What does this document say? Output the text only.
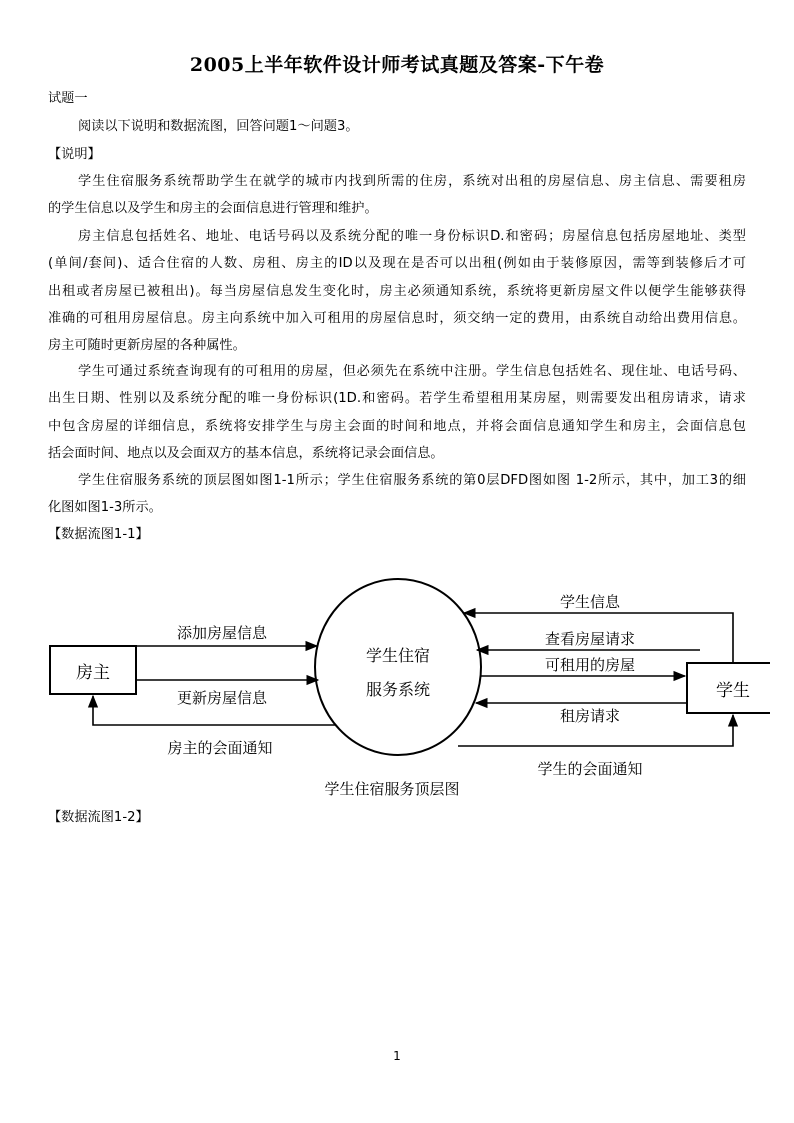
2005上半年软件设计师考试真题及答案-下午卷
试题一
阅读以下说明和数据流图，回答问题1～问题3。
【说明】
学生住宿服务系统帮助学生在就学的城市内找到所需的住房，系统对出租的房屋信息、房主信息、需要租房
的学生信息以及学生和房主的会面信息进行管理和维护。
房主信息包括姓名、地址、电话号码以及系统分配的唯一身份标识D.和密码；房屋信息包括房屋地址、类型
(单间/套间)、适合住宿的人数、房租、房主的ID以及现在是否可以出租(例如由于装修原因，需等到装修后才可
出租或者房屋已被租出)。每当房屋信息发生变化时，房主必须通知系统，系统将更新房屋文件以便学生能够获得
准确的可租用房屋信息。房主向系统中加入可租用的房屋信息时，须交纳一定的费用，由系统自动给出费用信息。
房主可随时更新房屋的各种属性。
学生可通过系统查询现有的可租用的房屋，但必须先在系统中注册。学生信息包括姓名、现住址、电话号码、
出生日期、性别以及系统分配的唯一身份标识(1D.和密码。若学生希望租用某房屋，则需要发出租房请求，请求
中包含房屋的详细信息，系统将安排学生与房主会面的时间和地点，并将会面信息通知学生和房主，会面信息包
括会面时间、地点以及会面双方的基本信息，系统将记录会面信息。
学生住宿服务系统的顶层图如图1-1所示；学生住宿服务系统的第0层DFD图如图 1-2所示，其中，加工3的细
化图如图1-3所示。
【数据流图1-1】
房主
学生
学生住宿
服务系统
添加房屋信息
更新房屋信息
房主的会面通知
学生信息
查看房屋请求
可租用的房屋
租房请求
学生的会面通知
学生住宿服务顶层图
【数据流图1-2】
1
